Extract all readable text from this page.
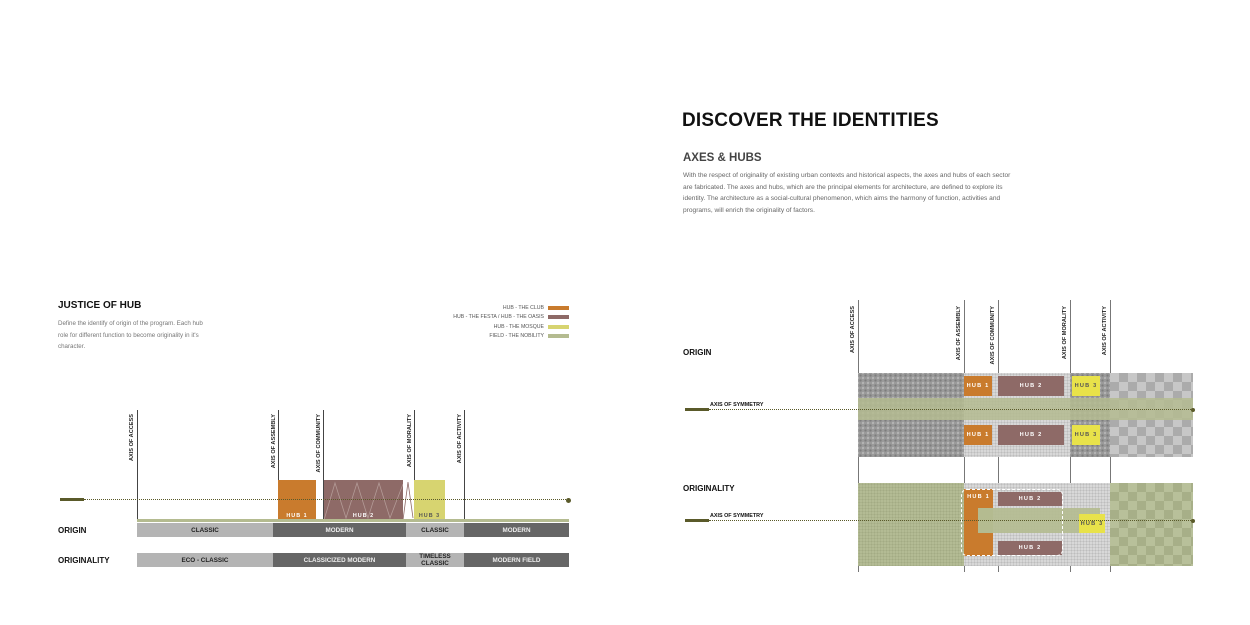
DISCOVER THE IDENTITIES
AXES & HUBS
With the respect of originality of existing urban contexts and historical aspects, the axes and hubs of each sector are fabricated. The axes and hubs, which are the principal elements for architecture, are defined to explore its identity. The architecture as a social-cultural phenomenon, which aims the harmony of function, activities and programs, will enrich the originality of factors.
JUSTICE OF HUB
Define the identify of origin of the program. Each hub role for different function to become originality in it's character.
HUB - THE CLUB
HUB - THE FESTA / HUB - THE OASIS
HUB - THE MOSQUE
FIELD - THE NOBILITY
AXIS OF ACCESS	AXIS OF ASSEMBLY	AXIS OF COMMUNITY	AXIS OF MORALITY	AXIS OF ACTIVITY
HUB 1	HUB 2	HUB 3
ORIGIN	CLASSIC	MODERN	CLASSIC	MODERN
ORIGINALITY	ECO - CLASSIC	CLASSICIZED MODERN	TIMELESS CLASSIC	MODERN FIELD
AXIS OF ACCESS	AXIS OF ASSEMBLY	AXIS OF COMMUNITY	AXIS OF MORALITY	AXIS OF ACTIVITY
ORIGIN
HUB 1	HUB 2	HUB 3
HUB 1	HUB 2	HUB 3
AXIS OF SYMMETRY
ORIGINALITY
HUB 1	HUB 2
HUB 2
HUB 3
AXIS OF SYMMETRY
